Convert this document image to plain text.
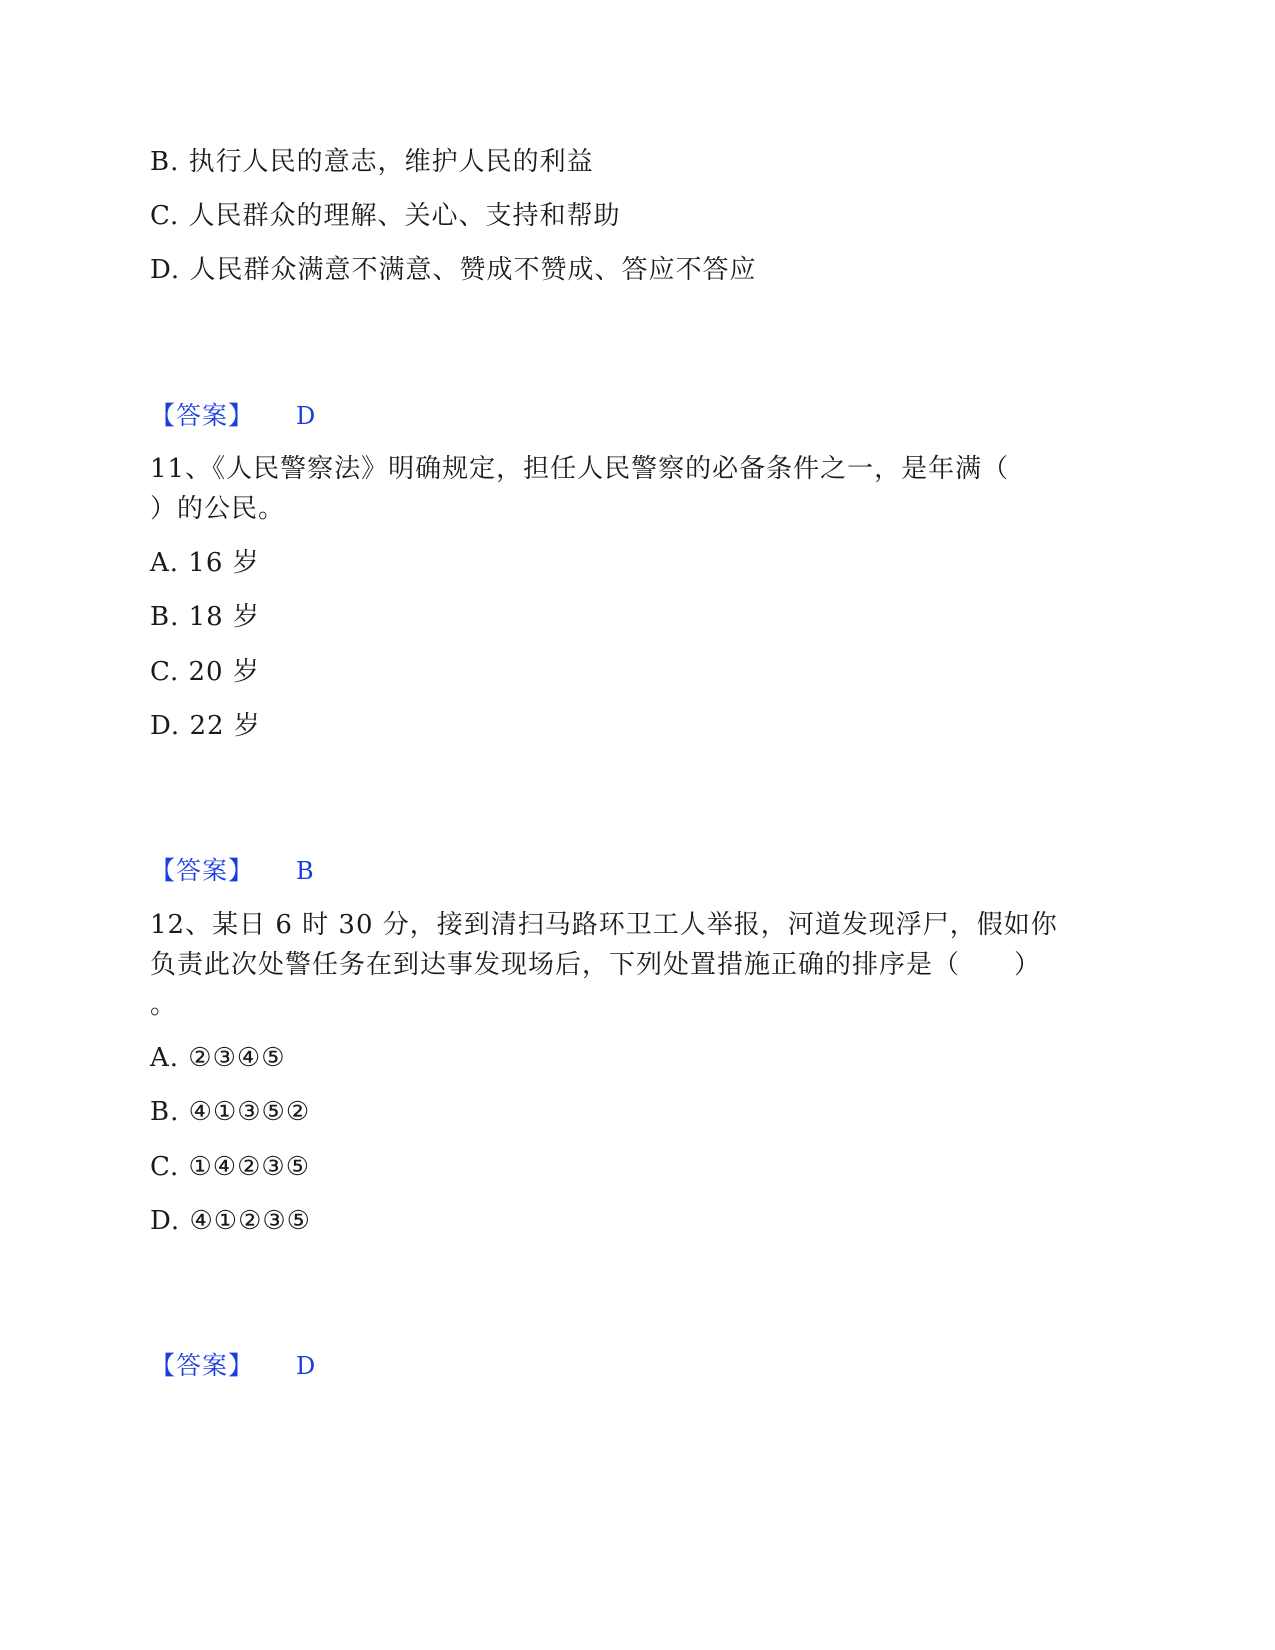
B. 执行人民的意志，维护人民的利益

C. 人民群众的理解、关心、支持和帮助

D. 人民群众满意不满意、赞成不赞成、答应不答应

【答案】 D

11、《人民警察法》明确规定，担任人民警察的必备条件之一，是年满（

）的公民。

A. 16 岁

B. 18 岁

C. 20 岁

D. 22 岁

【答案】 B

12、某日 6 时 30 分，接到清扫马路环卫工人举报，河道发现浮尸，假如你

负责此次处警任务在到达事发现场后，下列处置措施正确的排序是（　　）

。

A. ②③④⑤

B. ④①③⑤②

C. ①④②③⑤

D. ④①②③⑤

【答案】 D
